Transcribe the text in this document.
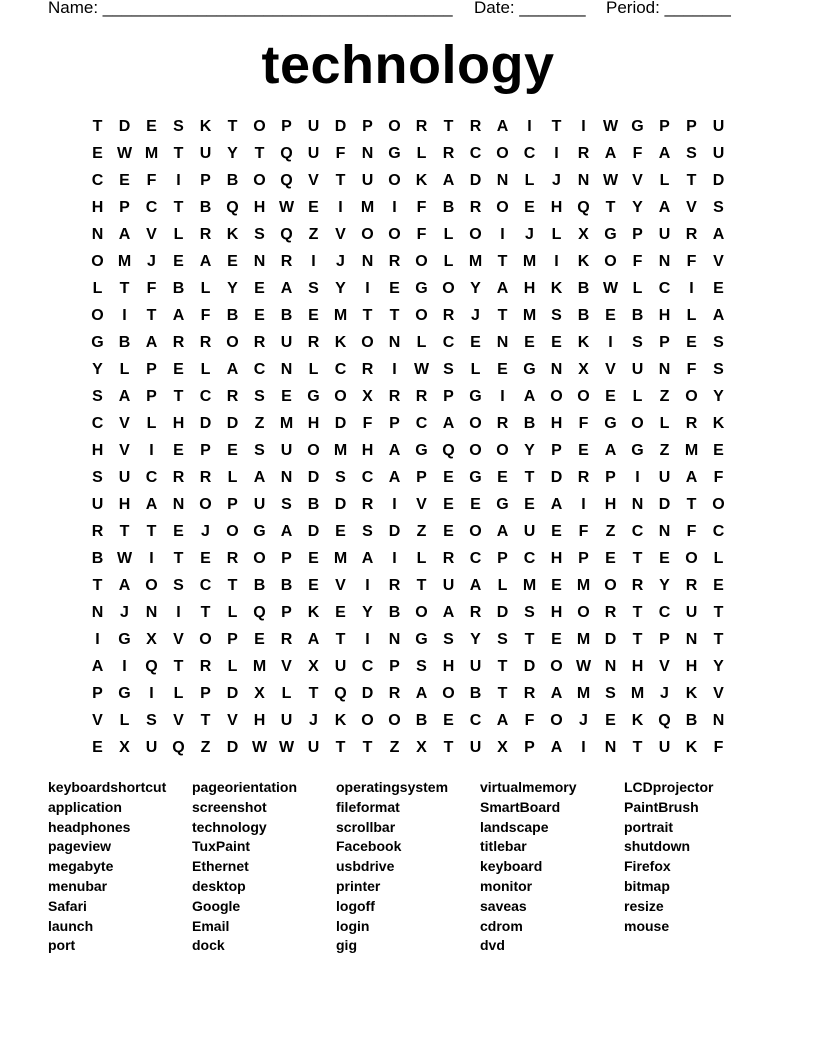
Name: _____________________________________ Date: _______ Period: _______
technology
T	D E	S K	T O P U D P O R	T	R A	I	T	I	W G P	P U
E W M T	U Y	T Q U	F	N G L	R C O C	I	R A	F	A S U
C E	F	I	P B O Q V	T	U O K A D N	L	J	N W V	L	T	D
H P C	T	B Q H W E	I	M	I	F	B R O E H Q T	Y A V	S
N A V	L	R K S Q Z	V O O F	L O	I	J	L	X G P U R A
O M J	E A E N R	I	J	N R O L M T M	I	K O F	N	F	V
L	T	F	B	L	Y	E A S	Y	I	E G O Y A H K B W L	C	I	E
O	I	T	A	F	B E B E M T	T O R	J	T M S B E B H	L	A
G B A R R O R U R K O N	L	C E N E	E K	I	S	P	E	S
Y	L	P	E	L	A C N	L	C R	I	W S	L	E G N X	V U N	F	S
S A P	T	C R S	E G O X R R P G	I	A O O E	L	Z O Y
C V	L	H D D	Z M H D	F	P C A O R B H	F G O L	R K
H V	I	E	P	E	S U O M H A G Q O O Y	P	E A G Z M E
S U C R R	L	A N D S C A P	E G E	T	D R P	I	U A	F
U H A N O P U S B D R	I	V	E	E G E A	I	H N D	T O
R	T	T	E	J	O G A D E	S D	Z	E O A U E	F	Z	C N	F	C
B W	I	T	E R O P	E M A	I	L	R C P C H P	E	T	E O L
T	A O S C	T	B B E	V	I	R	T	U A	L M E M O R Y R E
N	J	N	I	T	L Q P K E	Y B O A R D S H O R	T	C U	T
I	G X	V O P	E R A	T	I	N G S	Y	S	T	E M D	T	P N	T
A	I	Q T	R	L M V	X U C P	S H U	T	D O W N H V H Y
P G	I	L	P D X	L	T Q D R A O B	T	R A M S M J	K V
V	L	S	V	T	V H U	J	K O O B E C A	F O	J	E K Q B N
E	X U Q Z	D W W U	T	T	Z	X	T	U X	P A	I	N	T	U K	F
keyboardshortcut
application
headphones
pageview
megabyte
menubar
Safari
launch
port
pageorientation
screenshot
technology
TuxPaint
Ethernet
desktop
Google
Email
dock
operatingsystem
fileformat
scrollbar
Facebook
usbdrive
printer
logoff
login
gig
virtualmemory
SmartBoard
landscape
titlebar
keyboard
monitor
saveas
cdrom
dvd
LCDprojector
PaintBrush
portrait
shutdown
Firefox
bitmap
resize
mouse
